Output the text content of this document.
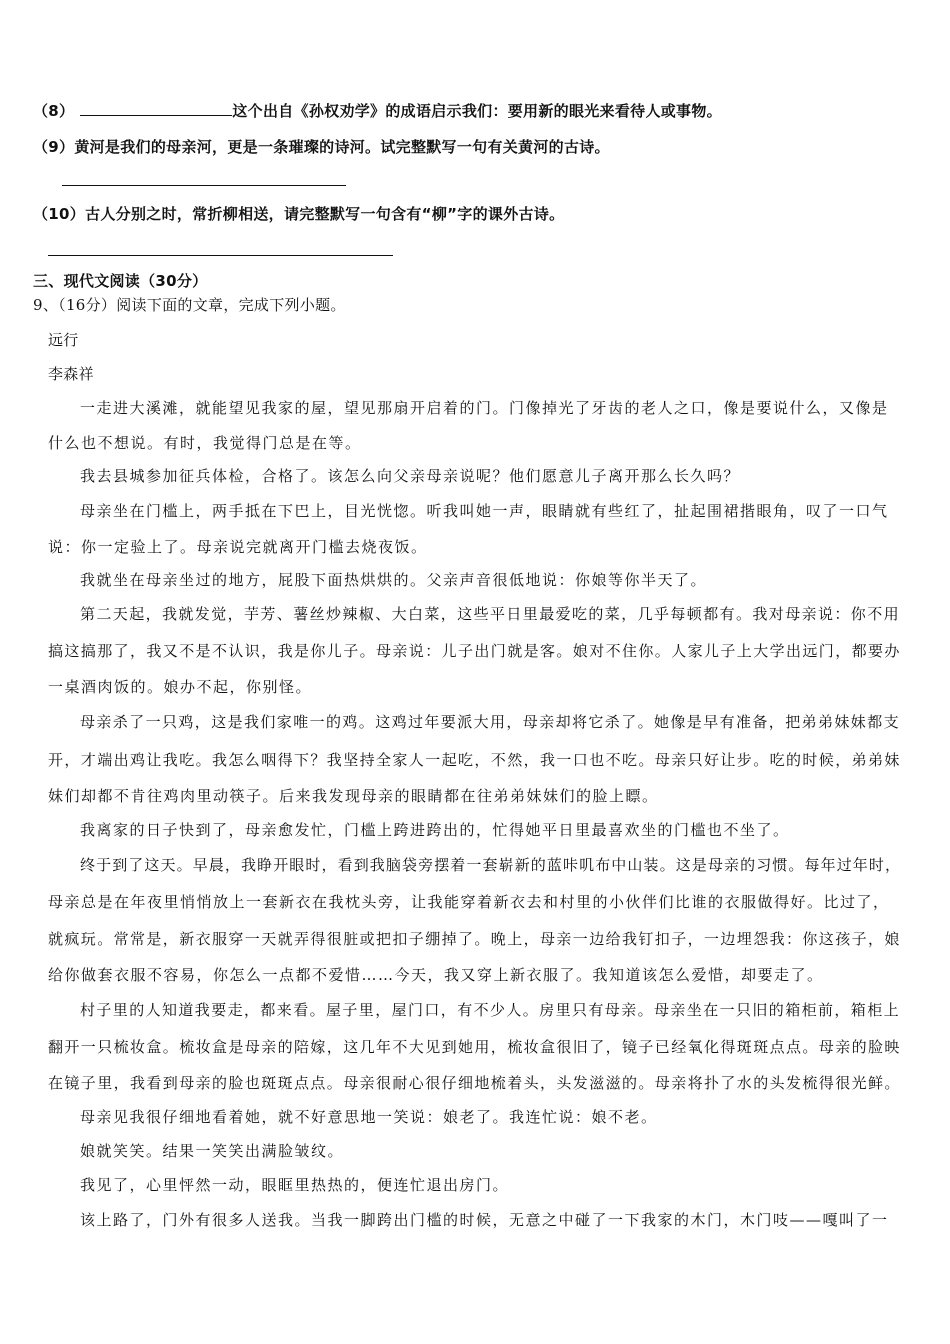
（8）	这个出自《孙权劝学》的成语启示我们：要用新的眼光来看待人或事物。
（9）黄河是我们的母亲河，更是一条璀璨的诗河。试完整默写一句有关黄河的古诗。
（10）古人分别之时，常折柳相送，请完整默写一句含有“柳”字的课外古诗。
三、现代文阅读（30分）
9、（16分）阅读下面的文章，完成下列小题。
远行
李森祥
一走进大溪滩，就能望见我家的屋，望见那扇开启着的门。门像掉光了牙齿的老人之口，像是要说什么，又像是
什么也不想说。有时，我觉得门总是在等。
我去县城参加征兵体检，合格了。该怎么向父亲母亲说呢？他们愿意儿子离开那么长久吗？
母亲坐在门槛上，两手抵在下巴上，目光恍惚。听我叫她一声，眼睛就有些红了，扯起围裙揩眼角，叹了一口气
说：你一定验上了。母亲说完就离开门槛去烧夜饭。
我就坐在母亲坐过的地方，屁股下面热烘烘的。父亲声音很低地说：你娘等你半天了。
第二天起，我就发觉，芋芳、薯丝炒辣椒、大白菜，这些平日里最爱吃的菜，几乎每顿都有。我对母亲说：你不用
搞这搞那了，我又不是不认识，我是你儿子。母亲说：儿子出门就是客。娘对不住你。人家儿子上大学出远门，都要办
一桌酒肉饭的。娘办不起，你别怪。
母亲杀了一只鸡，这是我们家唯一的鸡。这鸡过年要派大用，母亲却将它杀了。她像是早有准备，把弟弟妹妹都支
开，才端出鸡让我吃。我怎么咽得下？我坚持全家人一起吃，不然，我一口也不吃。母亲只好让步。吃的时候，弟弟妹
妹们却都不肯往鸡肉里动筷子。后来我发现母亲的眼睛都在往弟弟妹妹们的脸上瞟。
我离家的日子快到了，母亲愈发忙，门槛上跨进跨出的，忙得她平日里最喜欢坐的门槛也不坐了。
终于到了这天。早晨，我睁开眼时，看到我脑袋旁摆着一套崭新的蓝咔叽布中山装。这是母亲的习惯。每年过年时，
母亲总是在年夜里悄悄放上一套新衣在我枕头旁，让我能穿着新衣去和村里的小伙伴们比谁的衣服做得好。比过了，
就疯玩。常常是，新衣服穿一天就弄得很脏或把扣子绷掉了。晚上，母亲一边给我钉扣子，一边埋怨我：你这孩子，娘
给你做套衣服不容易，你怎么一点都不爱惜……今天，我又穿上新衣服了。我知道该怎么爱惜，却要走了。
村子里的人知道我要走，都来看。屋子里，屋门口，有不少人。房里只有母亲。母亲坐在一只旧的箱柜前，箱柜上
翻开一只梳妆盒。梳妆盒是母亲的陪嫁，这几年不大见到她用，梳妆盒很旧了，镜子已经氧化得斑斑点点。母亲的脸映
在镜子里，我看到母亲的脸也斑斑点点。母亲很耐心很仔细地梳着头，头发滋滋的。母亲将扑了水的头发梳得很光鲜。
母亲见我很仔细地看着她，就不好意思地一笑说：娘老了。我连忙说：娘不老。
娘就笑笑。结果一笑笑出满脸皱纹。
我见了，心里怦然一动，眼眶里热热的，便连忙退出房门。
该上路了，门外有很多人送我。当我一脚跨出门槛的时候，无意之中碰了一下我家的木门，木门吱——嘎叫了一
